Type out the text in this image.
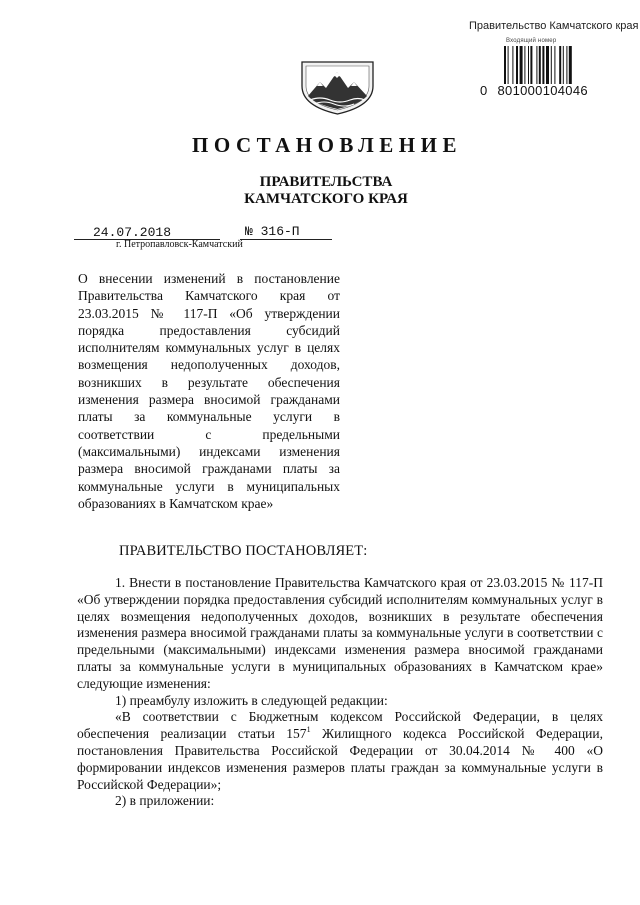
Правительство Камчатского края
Входящий номер
0 801000104046
ПОСТАНОВЛЕНИЕ
ПРАВИТЕЛЬСТВА
КАМЧАТСКОГО КРАЯ
24.07.2018	№ 316-П
г. Петропавловск-Камчатский

О внесении изменений в постановление Правительства Камчатского края от 23.03.2015 № 117-П «Об утверждении порядка предоставления субсидий исполнителям коммунальных услуг в целях возмещения недополученных доходов, возникших в результате обеспечения изменения размера вносимой гражданами платы за коммунальные услуги в соответствии с предельными (максимальными) индексами изменения размера вносимой гражданами платы за коммунальные услуги в муниципальных образованиях в Камчатском крае»

ПРАВИТЕЛЬСТВО ПОСТАНОВЛЯЕТ:

1. Внести в постановление Правительства Камчатского края от 23.03.2015 № 117-П «Об утверждении порядка предоставления субсидий исполнителям коммунальных услуг в целях возмещения недополученных доходов, возникших в результате обеспечения изменения размера вносимой гражданами платы за коммунальные услуги в соответствии с предельными (максимальными) индексами изменения размера вносимой гражданами платы за коммунальные услуги в муниципальных образованиях в Камчатском крае» следующие изменения:

1) преамбулу изложить в следующей редакции:

«В соответствии с Бюджетным кодексом Российской Федерации, в целях обеспечения реализации статьи $157^1$ Жилищного кодекса Российской Федерации, постановления Правительства Российской Федерации от 30.04.2014 № 400 «О формировании индексов изменения размеров платы граждан за коммунальные услуги в Российской Федерации»;

2) в приложении:
